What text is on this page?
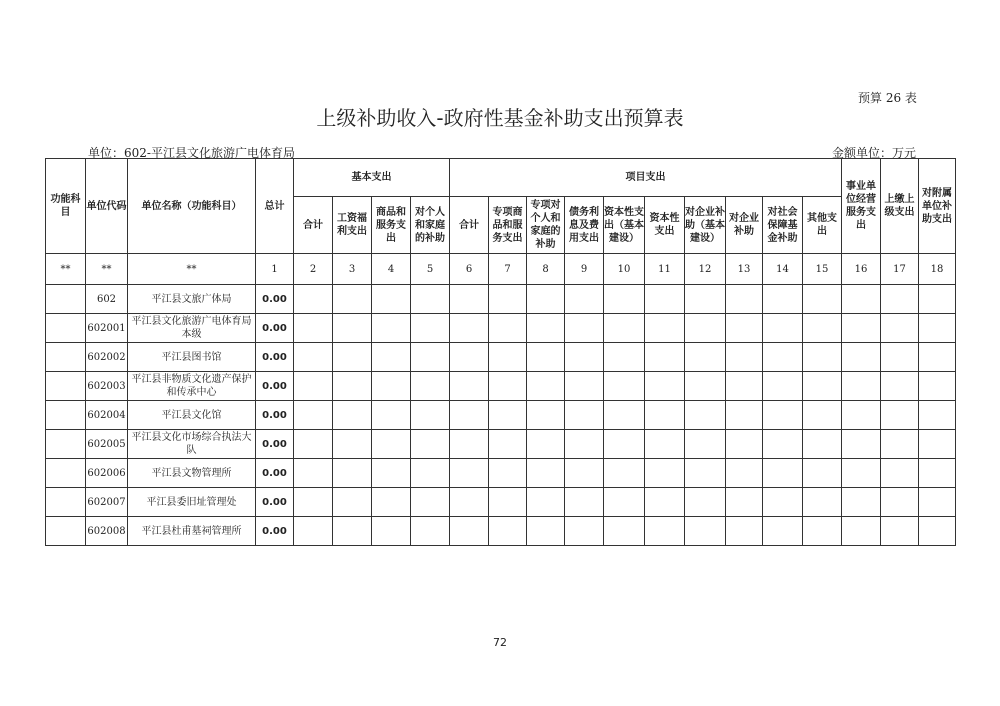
预算 26 表
上级补助收入-政府性基金补助支出预算表
单位：602-平江县文化旅游广电体育局	金额单位：万元
功能科目	单位代码	单位名称（功能科目）	总计	基本支出				项目支出										事业单位经营服务支出	上缴上级支出	对附属单位补助支出
				合计	工资福利支出	商品和服务支出	对个人和家庭的补助	合计	专项商品和服务支出	专项对个人和家庭的补助	债务利息及费用支出	资本性支出（基本建设）	资本性支出	对企业补助（基本建设）	对企业补助	对社会保障基金补助	其他支出			
**	**	**	1	2	3	4	5	6	7	8	9	10	11	12	13	14	15	16	17	18
	602	平江县文旅广体局	0.00																	
	602001	平江县文化旅游广电体育局本级	0.00																	
	602002	平江县图书馆	0.00																	
	602003	平江县非物质文化遗产保护和传承中心	0.00																	
	602004	平江县文化馆	0.00																	
	602005	平江县文化市场综合执法大队	0.00																	
	602006	平江县文物管理所	0.00																	
	602007	平江县委旧址管理处	0.00																	
	602008	平江县杜甫墓祠管理所	0.00																	
72
